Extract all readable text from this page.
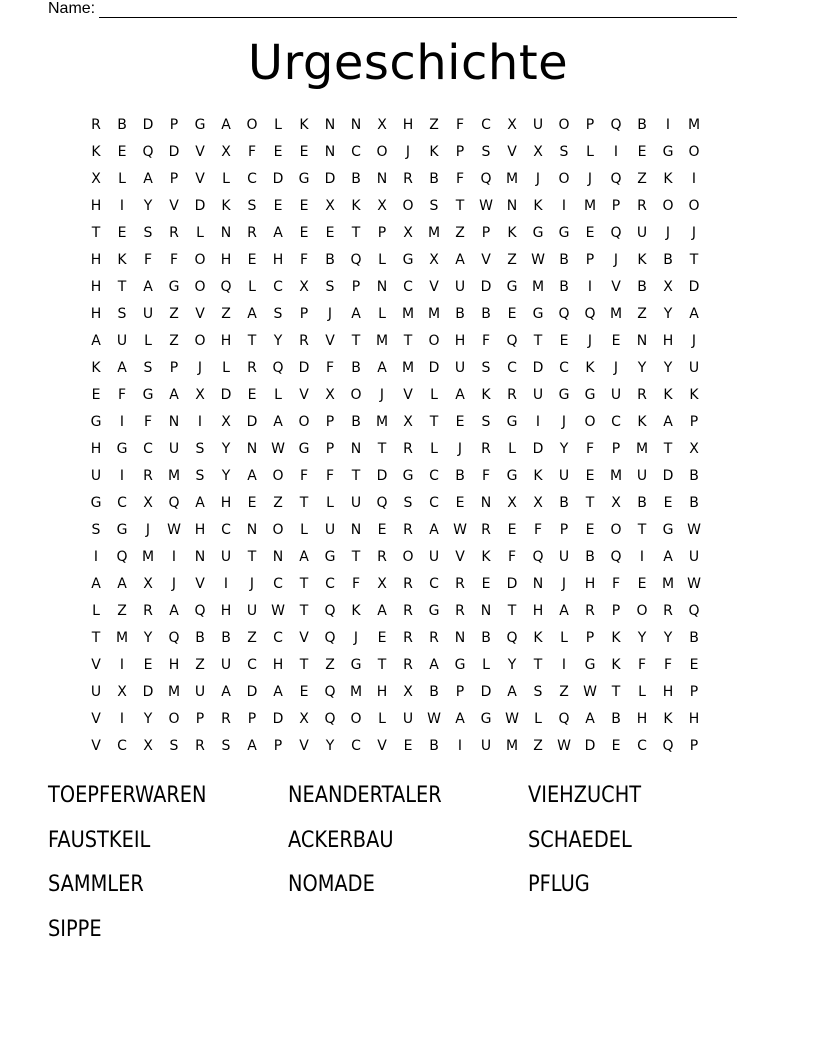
Name:
Urgeschichte
R	B	D	P	G	A	O	L	K	N	N	X	H	Z	F	C	X	U	O	P	Q	B	I	M
K	E	Q	D	V	X	F	E	E	N	C	O	J	K	P	S	V	X	S	L	I	E	G	O
X	L	A	P	V	L	C	D	G	D	B	N	R	B	F	Q	M	J	O	J	Q	Z	K	I
H	I	Y	V	D	K	S	E	E	X	K	X	O	S	T	W N	K	I	M	P	R	O	O
T	E	S	R	L	N	R	A	E	E	T	P	X	M	Z	P	K	G	G	E	Q	U	J	J
H	K	F	F	O	H	E	H	F	B	Q	L	G	X	A	V	Z	W	B	P	J	K	B	T
H	T	A	G	O	Q	L	C	X	S	P	N	C	V	U	D	G	M	B	I	V	B	X	D
H	S	U	Z	V	Z	A	S	P	J	A	L	M M	B	B	E	G	Q	Q	M	Z	Y	A
A	U	L	Z	O	H	T	Y	R	V	T	M	T	O	H	F	Q	T	E	J	E	N	H	J
K	A	S	P	J	L	R	Q	D	F	B	A	M	D	U	S	C	D	C	K	J	Y	Y	U
E	F	G	A	X	D	E	L	V	X	O	J	V	L	A	K	R	U	G	G	U	R	K	K
G	I	F	N	I	X	D	A	O	P	B	M	X	T	E	S	G	I	J	O	C	K	A	P
H	G	C	U	S	Y	N W G	P	N	T	R	L	J	R	L	D	Y	F	P	M	T	X
U	I	R	M	S	Y	A	O	F	F	T	D	G	C	B	F	G	K	U	E	M	U	D	B
G	C	X	Q	A	H	E	Z	T	L	U	Q	S	C	E	N	X	X	B	T	X	B	E	B
S	G	J	W H	C	N	O	L	U	N	E	R	A	W	R	E	F	P	E	O	T	G W
I	Q	M	I	N	U	T	N	A	G	T	R	O	U	V	K	F	Q	U	B	Q	I	A	U
A	A	X	J	V	I	J	C	T	C	F	X	R	C	R	E	D	N	J	H	F	E	M W
L	Z	R	A	Q	H	U W	T	Q	K	A	R	G	R	N	T	H	A	R	P	O	R	Q
T	M	Y	Q	B	B	Z	C	V	Q	J	E	R	R	N	B	Q	K	L	P	K	Y	Y	B
V	I	E	H	Z	U	C	H	T	Z	G	T	R	A	G	L	Y	T	I	G	K	F	F	E
U	X	D	M	U	A	D	A	E	Q	M	H	X	B	P	D	A	S	Z	W	T	L	H	P
V	I	Y	O	P	R	P	D	X	Q	O	L	U W	A	G W	L	Q	A	B	H	K	H
V	C	X	S	R	S	A	P	V	Y	C	V	E	B	I	U	M	Z	W D	E	C	Q	P
TOEPFERWAREN	NEANDERTALER	VIEHZUCHT
FAUSTKEIL	ACKERBAU	SCHAEDEL
SAMMLER	NOMADE	PFLUG
SIPPE
